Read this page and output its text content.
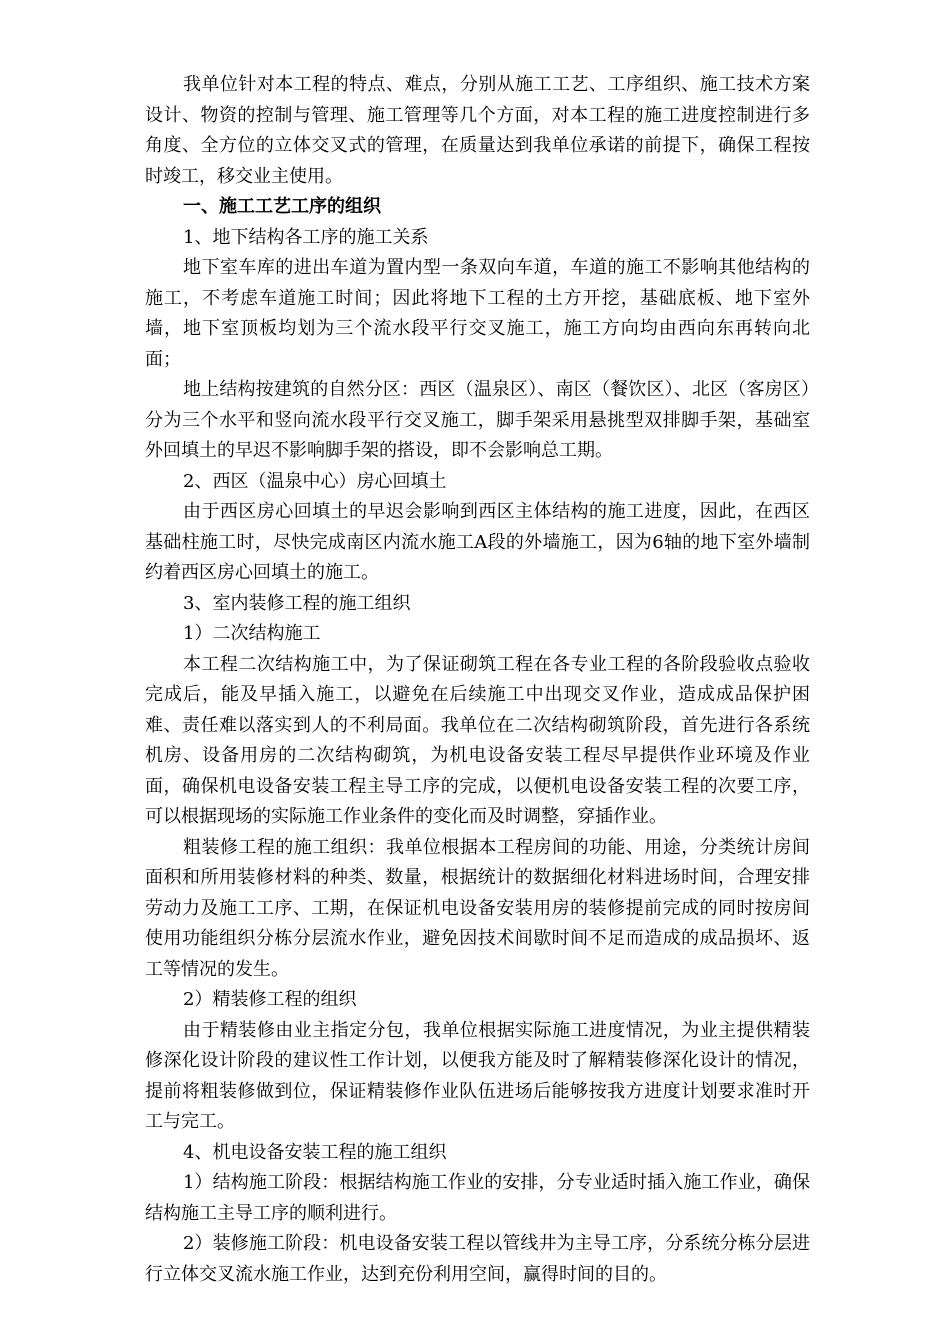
我单位针对本工程的特点、难点，分别从施工工艺、工序组织、施工技术方案设计、物资的控制与管理、施工管理等几个方面，对本工程的施工进度控制进行多角度、全方位的立体交叉式的管理，在质量达到我单位承诺的前提下，确保工程按时竣工，移交业主使用。

一、施工工艺工序的组织

1、地下结构各工序的施工关系

地下室车库的进出车道为置内型一条双向车道，车道的施工不影响其他结构的施工，不考虑车道施工时间；因此将地下工程的土方开挖，基础底板、地下室外墙，地下室顶板均划为三个流水段平行交叉施工，施工方向均由西向东再转向北面；

地上结构按建筑的自然分区：西区（温泉区）、南区（餐饮区）、北区（客房区）分为三个水平和竖向流水段平行交叉施工，脚手架采用悬挑型双排脚手架，基础室外回填土的早迟不影响脚手架的搭设，即不会影响总工期。

2、西区（温泉中心）房心回填土

由于西区房心回填土的早迟会影响到西区主体结构的施工进度，因此，在西区基础柱施工时，尽快完成南区内流水施工A段的外墙施工，因为6轴的地下室外墙制约着西区房心回填土的施工。

3、室内装修工程的施工组织

1）二次结构施工

本工程二次结构施工中，为了保证砌筑工程在各专业工程的各阶段验收点验收完成后，能及早插入施工，以避免在后续施工中出现交叉作业，造成成品保护困难、责任难以落实到人的不利局面。我单位在二次结构砌筑阶段，首先进行各系统机房、设备用房的二次结构砌筑，为机电设备安装工程尽早提供作业环境及作业面，确保机电设备安装工程主导工序的完成，以便机电设备安装工程的次要工序，可以根据现场的实际施工作业条件的变化而及时调整，穿插作业。

粗装修工程的施工组织：我单位根据本工程房间的功能、用途，分类统计房间面积和所用装修材料的种类、数量，根据统计的数据细化材料进场时间，合理安排劳动力及施工工序、工期，在保证机电设备安装用房的装修提前完成的同时按房间使用功能组织分栋分层流水作业，避免因技术间歇时间不足而造成的成品损坏、返工等情况的发生。

2）精装修工程的组织

由于精装修由业主指定分包，我单位根据实际施工进度情况，为业主提供精装修深化设计阶段的建议性工作计划，以便我方能及时了解精装修深化设计的情况，提前将粗装修做到位，保证精装修作业队伍进场后能够按我方进度计划要求准时开工与完工。

4、机电设备安装工程的施工组织

1）结构施工阶段：根据结构施工作业的安排，分专业适时插入施工作业，确保结构施工主导工序的顺利进行。

2）装修施工阶段：机电设备安装工程以管线井为主导工序，分系统分栋分层进行立体交叉流水施工作业，达到充份利用空间，赢得时间的目的。
